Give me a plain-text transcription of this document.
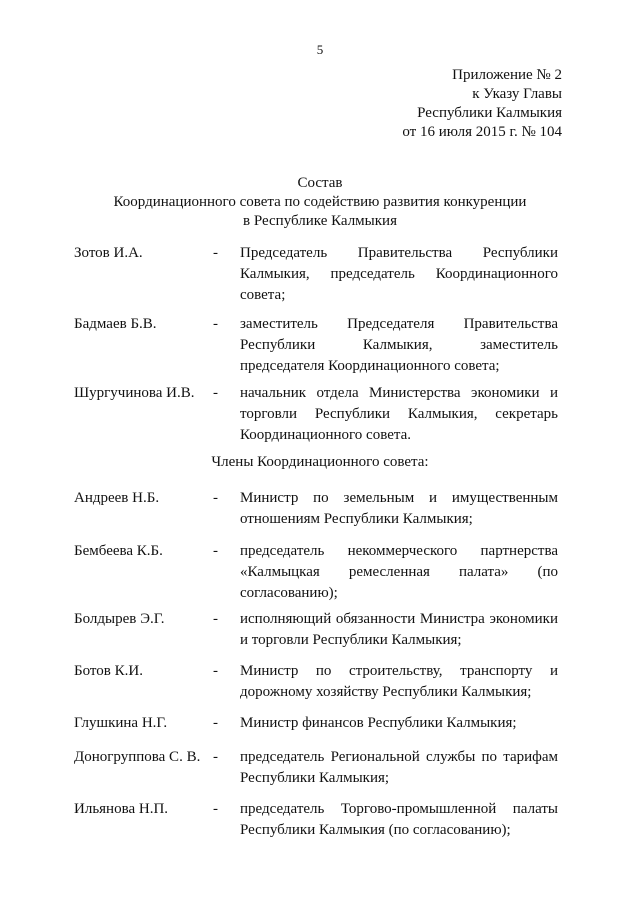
5
Приложение № 2
к Указу Главы
Республики Калмыкия
от 16 июля 2015 г. № 104
Состав
Координационного совета по содействию развития конкуренции
в Республике Калмыкия
Зотов И.А.	- Председатель Правительства Республики Калмыкия, председатель Координационного совета;
Бадмаев Б.В.	- заместитель Председателя Правительства Республики Калмыкия, заместитель председателя Координационного совета;
Шургучинова И.В. - начальник отдела Министерства экономики и торговли Республики Калмыкия, секретарь Координационного совета.
Члены Координационного совета:
Андреев Н.Б.	- Министр по земельным и имущественным отношениям Республики Калмыкия;
Бембеева К.Б.	- председатель некоммерческого партнерства «Калмыцкая ремесленная палата» (по согласованию);
Болдырев Э.Г.	- исполняющий обязанности Министра экономики и торговли Республики Калмыкия;
Ботов К.И.	- Министр по строительству, транспорту и дорожному хозяйству Республики Калмыкия;
Глушкина Н.Г.	- Министр финансов Республики Калмыкия;
Доногруппова С. В. - председатель Региональной службы по тарифам Республики Калмыкия;
Ильянова Н.П.	- председатель Торгово-промышленной палаты Республики Калмыкия (по согласованию);
